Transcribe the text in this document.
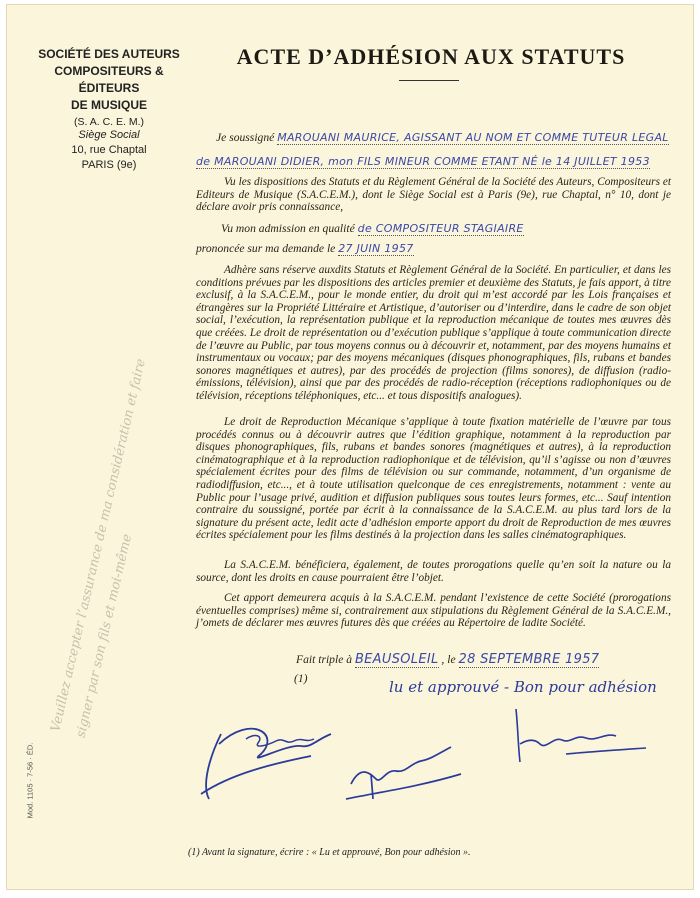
SOCIÉTÉ DES AUTEURS
COMPOSITEURS & ÉDITEURS
DE MUSIQUE
(S. A. C. E. M.)
Siège Social
10, rue Chaptal
PARIS (9e)
ACTE D’ADHÉSION AUX STATUTS
Je soussigné MAROUANI MAURICE, AGISSANT AU NOM ET COMME TUTEUR LEGAL
de MAROUANI DIDIER, mon FILS MINEUR COMME ETANT NÉ le 14 JUILLET 1953

Vu les dispositions des Statuts et du Règlement Général de la Société des Auteurs, Compositeurs et Editeurs de Musique (S.A.C.E.M.), dont le Siège Social est à Paris (9e), rue Chaptal, n° 10, dont je déclare avoir pris connaissance,

Vu mon admission en qualité de COMPOSITEUR STAGIAIRE
prononcée sur ma demande le 27 JUIN 1957

Adhère sans réserve auxdits Statuts et Règlement Général de la Société. En particulier, et dans les conditions prévues par les dispositions des articles premier et deuxième des Statuts, je fais apport, à titre exclusif, à la S.A.C.E.M., pour le monde entier, du droit qui m’est accordé par les Lois françaises et étrangères sur la Propriété Littéraire et Artistique, d’autoriser ou d’interdire, dans le cadre de son objet social, l’exécution, la représentation publique et la reproduction mécanique de toutes mes œuvres dès que créées. Le droit de représentation ou d’exécution publique s’applique à toute communication directe de l’œuvre au Public, par tous moyens connus ou à découvrir et, notamment, par des moyens humains et instrumentaux ou vocaux; par des moyens mécaniques (disques phonographiques, fils, rubans et bandes sonores magnétiques et autres), par des procédés de projection (films sonores), de diffusion (radio-émissions, télévision), ainsi que par des procédés de radio-réception (réceptions radiophoniques ou de télévision, réceptions téléphoniques, etc... et tous dispositifs analogues).

Le droit de Reproduction Mécanique s’applique à toute fixation matérielle de l’œuvre par tous procédés connus ou à découvrir autres que l’édition graphique, notamment à la reproduction par disques phonographiques, fils, rubans et bandes sonores (magnétiques et autres), à la reproduction cinématographique et à la reproduction radiophonique et de télévision, qu’il s’agisse ou non d’œuvres spécialement écrites pour des films de télévision ou sur commande, notamment, d’un organisme de radiodiffusion, etc..., et à toute utilisation quelconque de ces enregistrements, notamment : vente au Public pour l’usage privé, audition et diffusion publiques sous toutes leurs formes, etc... Sauf intention contraire du soussigné, portée par écrit à la connaissance de la S.A.C.E.M. au plus tard lors de la signature du présent acte, ledit acte d’adhésion emporte apport du droit de Reproduction de mes œuvres écrites spécialement pour les films destinés à la projection dans les salles cinématographiques.

La S.A.C.E.M. bénéficiera, également, de toutes prorogations quelle qu’en soit la nature ou la source, dont les droits en cause pourraient être l’objet.

Cet apport demeurera acquis à la S.A.C.E.M. pendant l’existence de cette Société (prorogations éventuelles comprises) même si, contrairement aux stipulations du Règlement Général de la S.A.C.E.M., j’omets de déclarer mes œuvres futures dès que créées au Répertoire de ladite Société.

Fait triple à BEAUSOLEIL , le 28 SEPTEMBRE 1957
(1)	lu et approuvé - Bon pour adhésion
Veuillez accepter l’assurance de ma considération et faire signer par son fils et moi-même
Mod. 1105 · 7-56 · ÉD.
(1) Avant la signature, écrire : « Lu et approuvé, Bon pour adhésion ».
